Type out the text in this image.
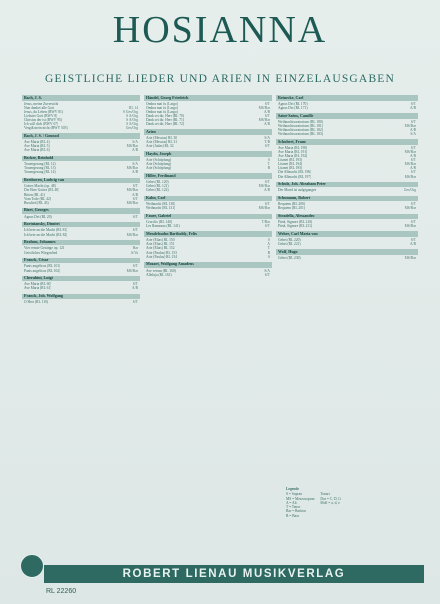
HOSIANNA
GEISTLICHE LIEDER UND ARIEN IN EINZELAUSGABEN
Bach, J. S.
Jesus, meine Zuversicht
Nun danket alle Gott	RL 14
Jesus, du Leben (BWV 81)	S Ges/Org
Liebster Gott (BWV 8)	S A/Org
Christus der ist (BWV 95)	S A/Org
Ich will dich (BWV 67)	S A/Org
Vergiß mein nicht (BWV 505)	Ges/Org
Bach, J. S. / Gounod
Ave Maria (RL 4)	S/A
Ave Maria (RL 5)	MS/Bar
Ave Maria (RL 6)	A/B
Becker, Reinhold
Trauergesang (RL 12)	S/A
Trauergesang (RL 13)	MS/Bar
Trauergesang (RL 14)	A/B
Beethoven, Ludwig van
Gottes Macht (op. 48)	S/T
Die Ehre Gottes (RL 40)	MS/Bar
Bitten (RL 41)	A/B
Vom Tode (RL 42)	S/T
Busslied (RL 43)	MS/Bar
Bizet, Georges
Agnus Dei (RL 20)	S/T
Bortniansky, Dimitri
Ich bete an die Macht (RL 81)	S/T
Ich bete an die Macht (RL 82)	MS/Bar
Brahms, Johannes
Vier ernste Gesänge op. 121	Bar
Geistliches Wiegenlied	A/Va
Franck, César
Panis angelicus (RL 101)	S/T
Panis angelicus (RL 102)	MS/Bar
Cherubini, Luigi
Ave Maria (RL 60)	S/T
Ave Maria (RL 61)	A/B
Franck, Joh. Wolfgang
O Herr (RL 110)	S/T
Händel, Georg Friedrich
Ombra mai fu (Largo)	S/T
Ombra mai fu (Largo)	MS/Bar
Ombra mai fu (Largo)	A/B
Dank sei dir, Herr (RL 70)	S/T
Dank sei dir, Herr (RL 71)	MS/Bar
Dank sei dir, Herr (RL 72)	A/B
Arien
Arie (Messias) RL 30	S/A
Arie (Messias) RL 31	T/B
Arie (Judas) RL 32	S/T
Haydn, Joseph
Arie (Schöpfung)	S
Arie (Schöpfung)	T
Arie (Schöpfung)	B
Hiller, Ferdinand
Gebet (RL 120)	S/T
Gebet (RL 121)	MS/Bar
Gebet (RL 122)	A/B
Kahn, Carl
Weihnacht (RL 130)	S/T
Weihnacht (RL 131)	MS/Bar
Faure, Gabriel
Crucifix (RL 140)	T/Bar
Les Rameaux (RL 141)	S/T
Mendelssohn Bartholdy, Felix
Arie (Elias) RL 150	S
Arie (Elias) RL 151	A
Arie (Elias) RL 152	T
Arie (Paulus) RL 153	B
Arie (Paulus) RL 154	S
Mozart, Wolfgang Amadeus
Ave verum (RL 160)	S/A
Alleluja (RL 161)	S/T
Reinecke, Carl
Agnus Dei (RL 170)	S/T
Agnus Dei (RL 171)	A/B
Saint-Saëns, Camille
Weihnachtsoratorium (RL 180)	S/T
Weihnachtsoratorium (RL 181)	MS/Bar
Weihnachtsoratorium (RL 182)	A/B
Weihnachtsoratorium (RL 183)	S/A
Schubert, Franz
Ave Maria (RL 190)	S/T
Ave Maria (RL 191)	MS/Bar
Ave Maria (RL 192)	A/B
Litanei (RL 193)	S/T
Litanei (RL 194)	MS/Bar
Litanei (RL 195)	A/B
Die Allmacht (RL 196)	S/T
Die Allmacht (RL 197)	MS/Bar
Schulz, Joh. Abraham Peter
Der Mond ist aufgegangen	Ges/Org
Schumann, Robert
Requiem (RL 200)	S/T
Requiem (RL 201)	MS/Bar
Stradella, Alessandro
Pietà, Signore (RL 210)	S/T
Pietà, Signore (RL 211)	MS/Bar
Weber, Carl Maria von
Gebet (RL 220)	S/T
Gebet (RL 221)	A/B
Wolf, Hugo
Gebet (RL 230)	MS/Bar
Legende
S = Sopran
MS = Mezzosopran
A = Alt
T = Tenor
Bar = Bariton
B = Bass
Tonart
Dur = C, D, G
Moll = a, d, e
ROBERT LIENAU MUSIKVERLAG
RL 22260
